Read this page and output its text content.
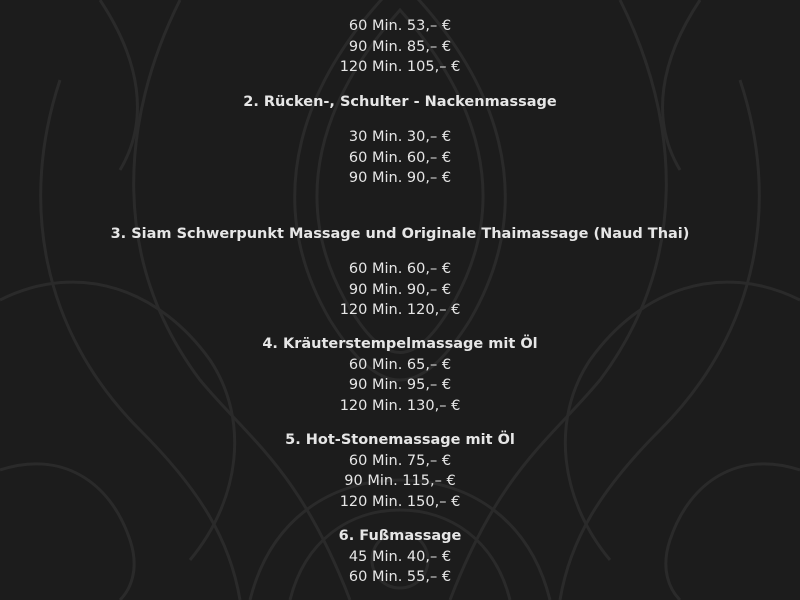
60 Min. 53,– €
90 Min. 85,– €
120 Min. 105,– €
2. Rücken-, Schulter - Nackenmassage
30 Min. 30,– €
60 Min. 60,– €
90 Min. 90,– €
3. Siam Schwerpunkt Massage und Originale Thaimassage (Naud Thai)
60 Min. 60,– €
90 Min. 90,– €
120 Min. 120,– €
4. Kräuterstempelmassage mit Öl
60 Min. 65,– €
90 Min. 95,– €
120 Min. 130,– €
5. Hot-Stonemassage mit Öl
60 Min. 75,– €
90 Min. 115,– €
120 Min. 150,– €
6. Fußmassage
45 Min. 40,– €
60 Min. 55,– €
